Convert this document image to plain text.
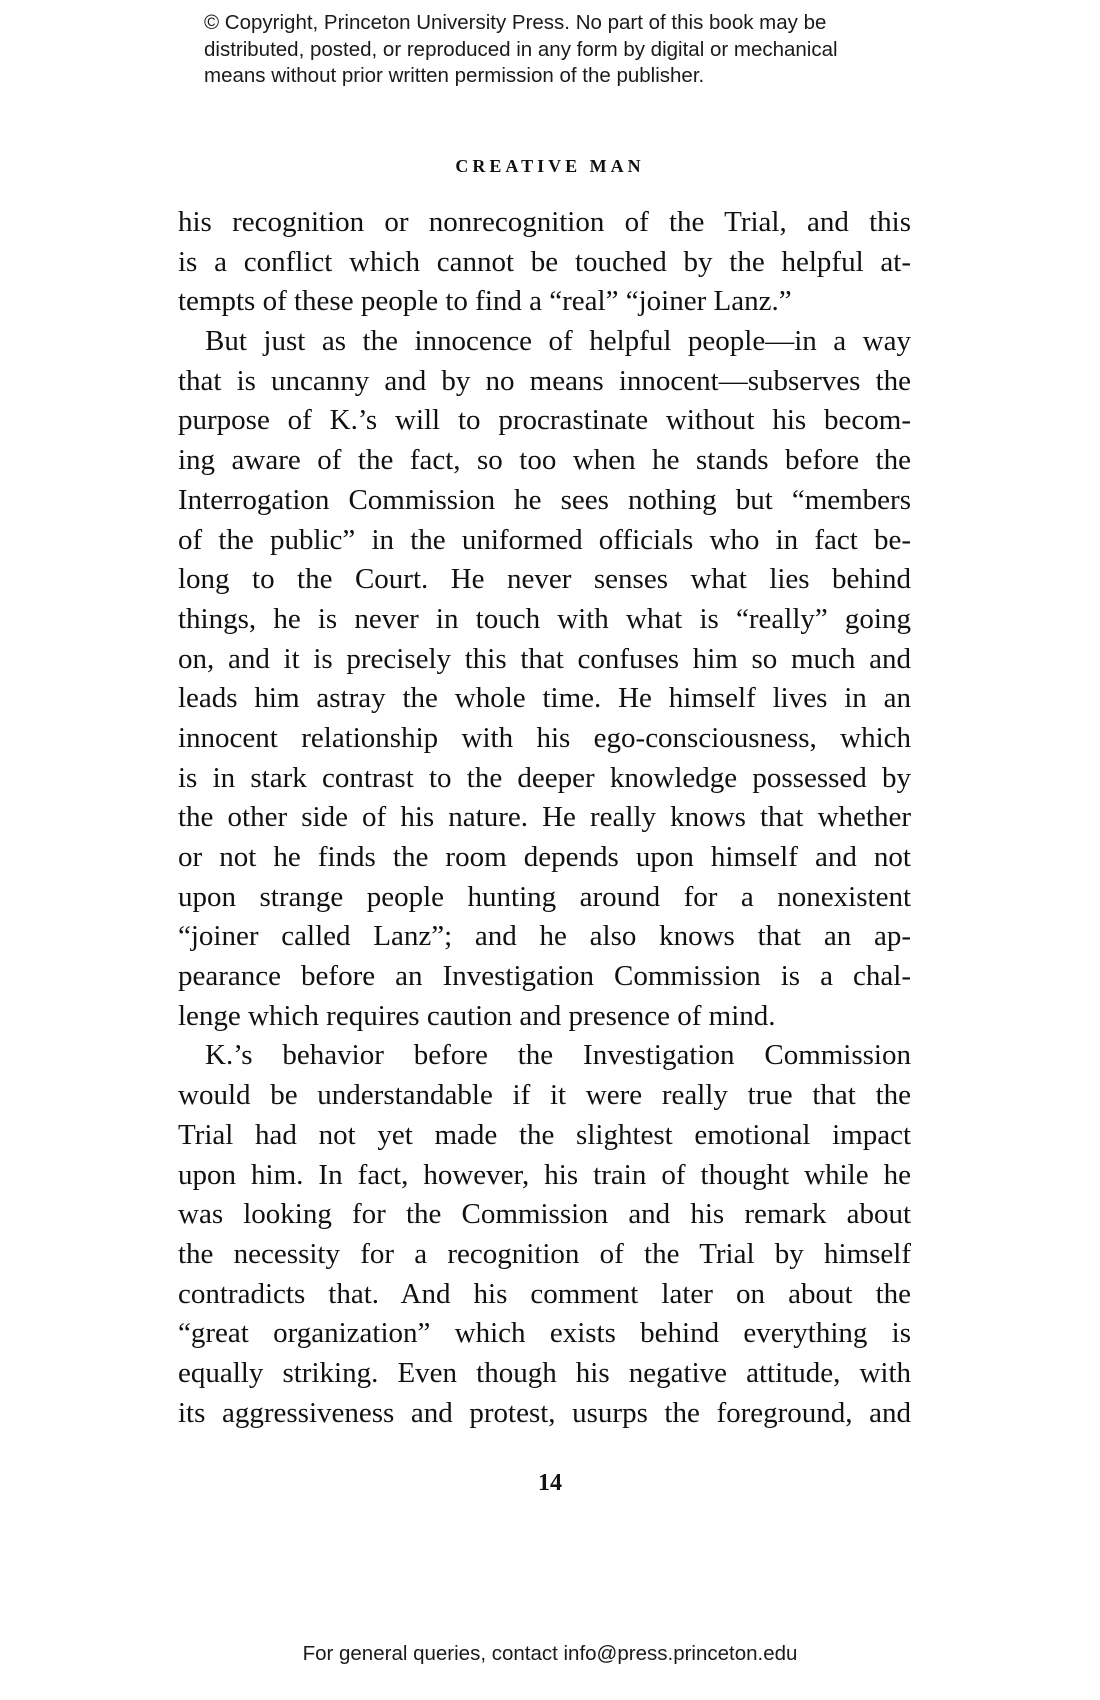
© Copyright, Princeton University Press. No part of this book may be
distributed, posted, or reproduced in any form by digital or mechanical
means without prior written permission of the publisher.
CREATIVE MAN
his recognition or nonrecognition of the Trial, and this
is a conflict which cannot be touched by the helpful at-
tempts of these people to find a “real” “joiner Lanz.”
But just as the innocence of helpful people—in a way
that is uncanny and by no means innocent—subserves the
purpose of K.’s will to procrastinate without his becom-
ing aware of the fact, so too when he stands before the
Interrogation Commission he sees nothing but “members
of the public” in the uniformed officials who in fact be-
long to the Court. He never senses what lies behind
things, he is never in touch with what is “really” going
on, and it is precisely this that confuses him so much and
leads him astray the whole time. He himself lives in an
innocent relationship with his ego-consciousness, which
is in stark contrast to the deeper knowledge possessed by
the other side of his nature. He really knows that whether
or not he finds the room depends upon himself and not
upon strange people hunting around for a nonexistent
“joiner called Lanz”; and he also knows that an ap-
pearance before an Investigation Commission is a chal-
lenge which requires caution and presence of mind.
K.’s behavior before the Investigation Commission
would be understandable if it were really true that the
Trial had not yet made the slightest emotional impact
upon him. In fact, however, his train of thought while he
was looking for the Commission and his remark about
the necessity for a recognition of the Trial by himself
contradicts that. And his comment later on about the
“great organization” which exists behind everything is
equally striking. Even though his negative attitude, with
its aggressiveness and protest, usurps the foreground, and
14
For general queries, contact info@press.princeton.edu
